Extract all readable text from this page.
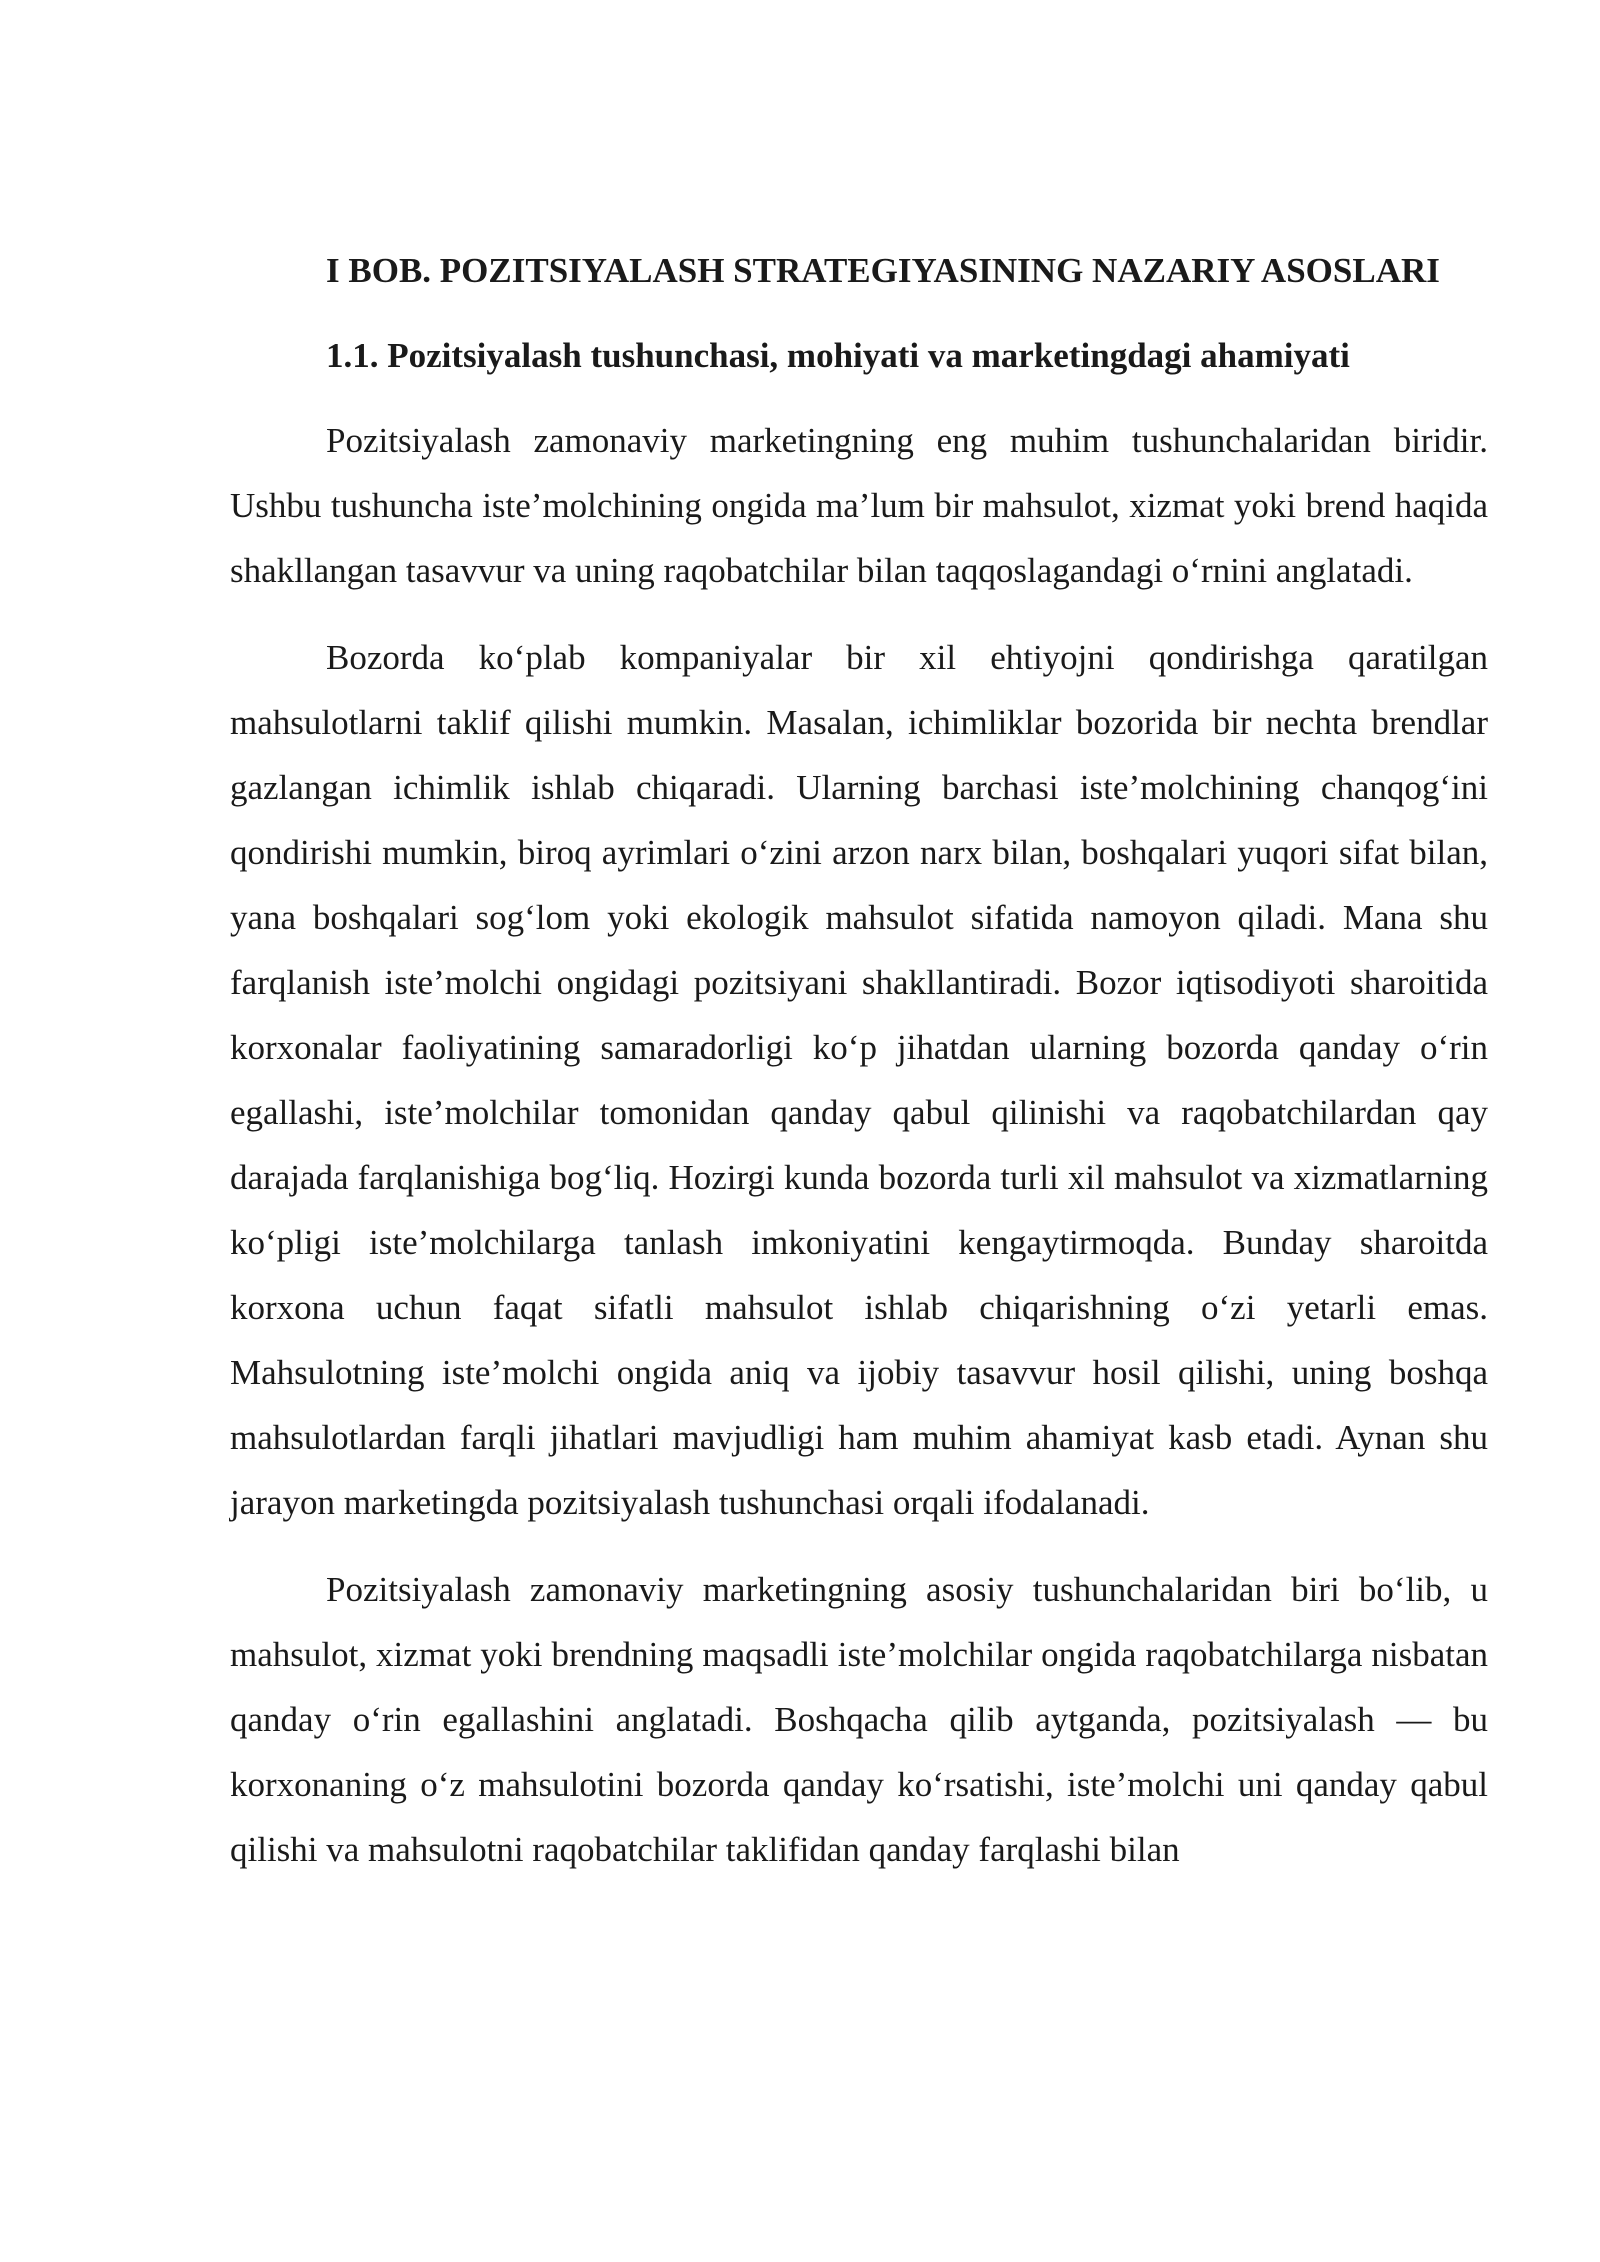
I BOB. POZITSIYALASH STRATEGIYASINING NAZARIY ASOSLARI
1.1. Pozitsiyalash tushunchasi, mohiyati va marketingdagi ahamiyati

Pozitsiyalash zamonaviy marketingning eng muhim tushunchalaridan biridir. Ushbu tushuncha iste’molchining ongida ma’lum bir mahsulot, xizmat yoki brend haqida shakllangan tasavvur va uning raqobatchilar bilan taqqoslagandagi o‘rnini anglatadi.

Bozorda ko‘plab kompaniyalar bir xil ehtiyojni qondirishga qaratilgan mahsulotlarni taklif qilishi mumkin. Masalan, ichimliklar bozorida bir nechta brendlar gazlangan ichimlik ishlab chiqaradi. Ularning barchasi iste’molchining chanqog‘ini qondirishi mumkin, biroq ayrimlari o‘zini arzon narx bilan, boshqalari yuqori sifat bilan, yana boshqalari sog‘lom yoki ekologik mahsulot sifatida namoyon qiladi. Mana shu farqlanish iste’molchi ongidagi pozitsiyani shakllantiradi. Bozor iqtisodiyoti sharoitida korxonalar faoliyatining samaradorligi ko‘p jihatdan ularning bozorda qanday o‘rin egallashi, iste’molchilar tomonidan qanday qabul qilinishi va raqobatchilardan qay darajada farqlanishiga bog‘liq. Hozirgi kunda bozorda turli xil mahsulot va xizmatlarning ko‘pligi iste’molchilarga tanlash imkoniyatini kengaytirmoqda. Bunday sharoitda korxona uchun faqat sifatli mahsulot ishlab chiqarishning o‘zi yetarli emas. Mahsulotning iste’molchi ongida aniq va ijobiy tasavvur hosil qilishi, uning boshqa mahsulotlardan farqli jihatlari mavjudligi ham muhim ahamiyat kasb etadi. Aynan shu jarayon marketingda pozitsiyalash tushunchasi orqali ifodalanadi.

Pozitsiyalash zamonaviy marketingning asosiy tushunchalaridan biri bo‘lib, u mahsulot, xizmat yoki brendning maqsadli iste’molchilar ongida raqobatchilarga nisbatan qanday o‘rin egallashini anglatadi. Boshqacha qilib aytganda, pozitsiyalash — bu korxonaning o‘z mahsulotini bozorda qanday ko‘rsatishi, iste’molchi uni qanday qabul qilishi va mahsulotni raqobatchilar taklifidan qanday farqlashi bilan
